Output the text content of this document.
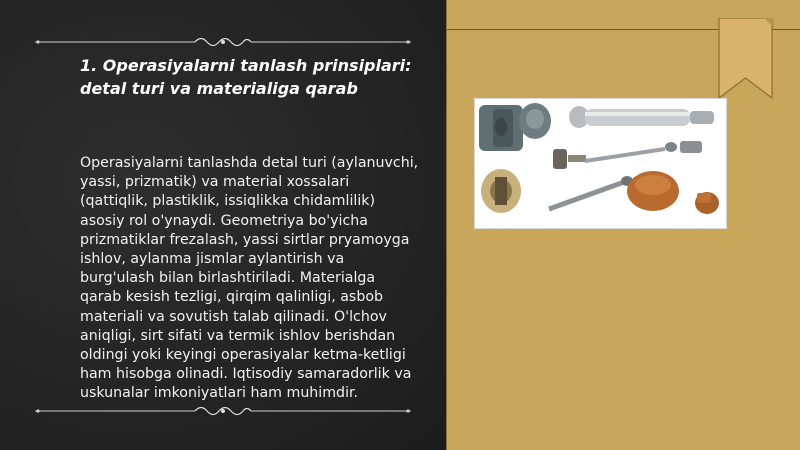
1. Operasiyalarni tanlash prinsiplari:
detal turi va materialiga qarab
Operasiyalarni tanlashda detal turi (aylanuvchi, yassi, prizmatik) va material xossalari (qattiqlik, plastiklik, issiqlikka chidamlilik) asosiy rol o'ynaydi. Geometriya bo'yicha prizmatiklar frezalash, yassi sirtlar pryamoyga ishlov, aylanma jismlar aylantirish va burg'ulash bilan birlashtiriladi. Materialga qarab kesish tezligi, qirqim qalinligi, asbob materiali va sovutish talab qilinadi. O'lchov aniqligi, sirt sifati va termik ishlov berishdan oldingi yoki keyingi operasiyalar ketma-ketligi ham hisobga olinadi. Iqtisodiy samaradorlik va uskunalar imkoniyatlari ham muhimdir.
